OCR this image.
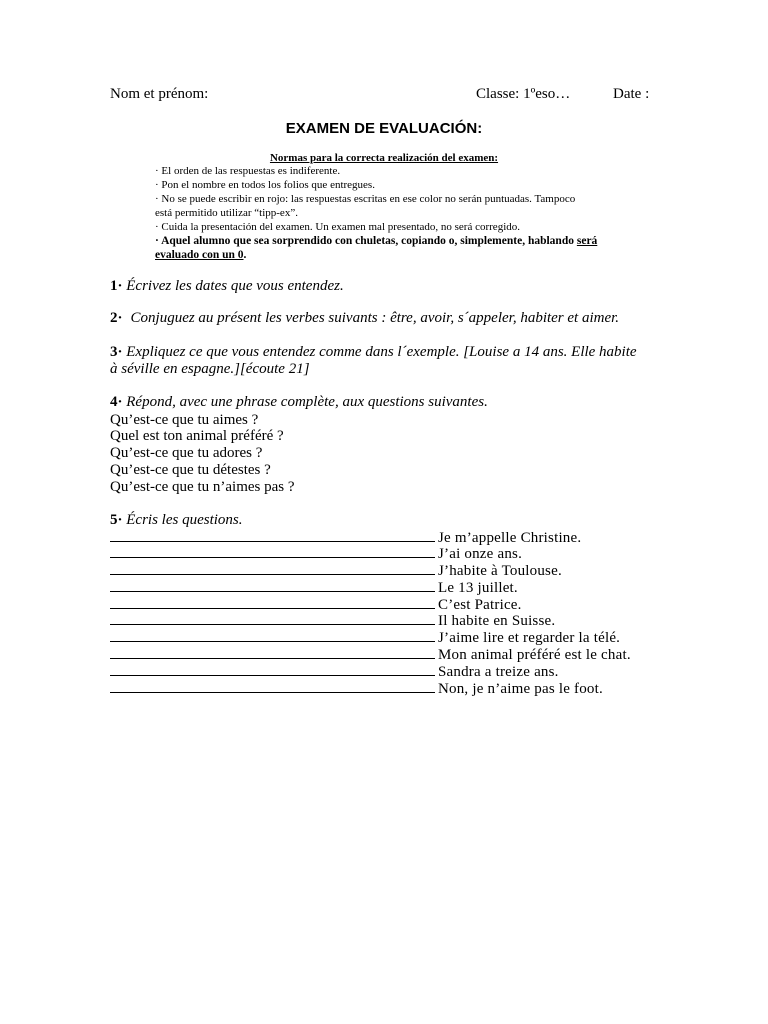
Nom et prénom:	Classe: 1ºeso…	Date :
EXAMEN DE EVALUACIÓN:
Normas para la correcta realización del examen:
· El orden de las respuestas es indiferente.
· Pon el nombre en todos los folios que entregues.
· No se puede escribir en rojo: las respuestas escritas en ese color no serán puntuadas. Tampoco
está permitido utilizar “tipp-ex”.
· Cuida la presentación del examen. Un examen mal presentado, no será corregido.
· Aquel alumno que sea sorprendido con chuletas, copiando o, simplemente, hablando será
evaluado con un 0.
1· Écrivez les dates que vous entendez.
2· Conjuguez au présent les verbes suivants : être, avoir, s´appeler, habiter et aimer.
3· Expliquez ce que vous entendez comme dans l´exemple. [Louise a 14 ans. Elle habite
à séville en espagne.][écoute 21]
4· Répond, avec une phrase complète, aux questions suivantes.
Qu’est-ce que tu aimes ?
Quel est ton animal préféré ?
Qu’est-ce que tu adores ?
Qu’est-ce que tu détestes ?
Qu’est-ce que tu n’aimes pas ?
5· Écris les questions.
Je m’appelle Christine.
J’ai onze ans.
J’habite à Toulouse.
Le 13 juillet.
C’est Patrice.
Il habite en Suisse.
J’aime lire et regarder la télé.
Mon animal préféré est le chat.
Sandra a treize ans.
Non, je n’aime pas le foot.
